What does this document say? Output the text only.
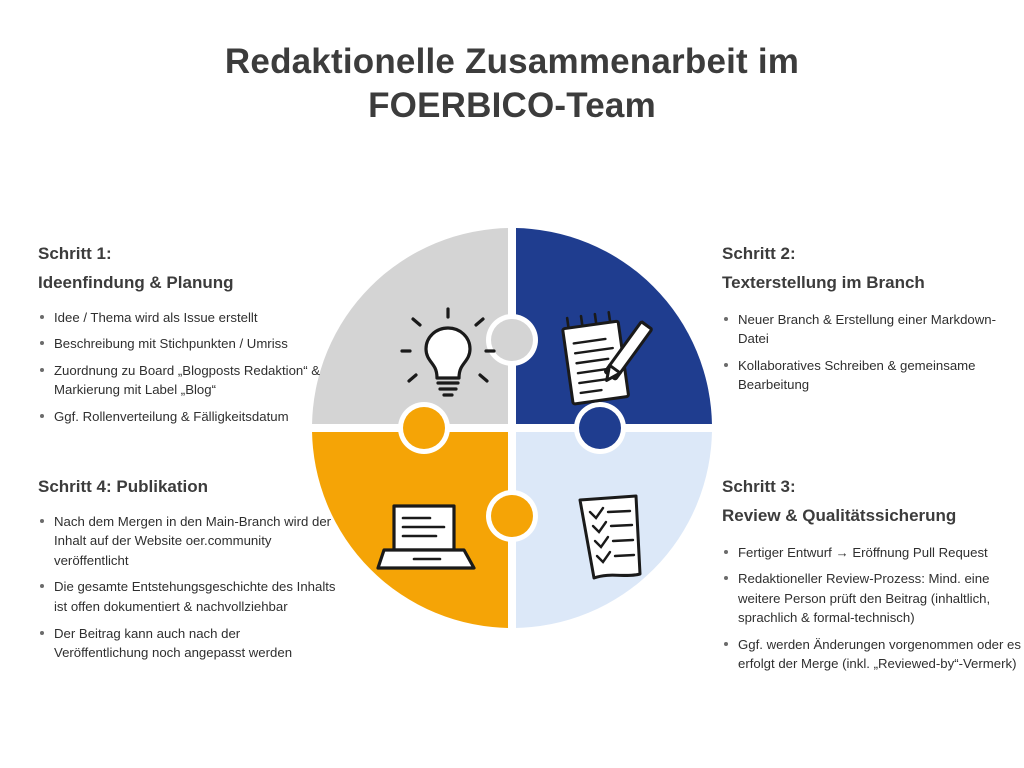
Redaktionelle Zusammenarbeit im
FOERBICO-Team
Schritt 1:
Ideenfindung & Planung
Idee / Thema wird als Issue erstellt
Beschreibung mit Stichpunkten / Umriss
Zuordnung zu Board „Blogposts Redaktion“ & Markierung mit Label „Blog“
Ggf. Rollenverteilung & Fälligkeitsdatum
Schritt 2:
Texterstellung im Branch
Neuer Branch & Erstellung einer Markdown-Datei
Kollaboratives Schreiben & gemeinsame Bearbeitung
Schritt 4: Publikation
Nach dem Mergen in den Main-Branch wird der Inhalt auf der Website oer.community veröffentlicht
Die gesamte Entstehungsgeschichte des Inhalts ist offen dokumentiert & nachvollziehbar
Der Beitrag kann auch nach der Veröffentlichung noch angepasst werden
Schritt 3:
Review & Qualitätssicherung
Fertiger Entwurf → Eröffnung Pull Request
Redaktioneller Review-Prozess: Mind. eine weitere Person prüft den Beitrag (inhaltlich, sprachlich & formal-technisch)
Ggf. werden Änderungen vorgenommen oder es erfolgt der Merge (inkl. „Reviewed-by“-Vermerk)
